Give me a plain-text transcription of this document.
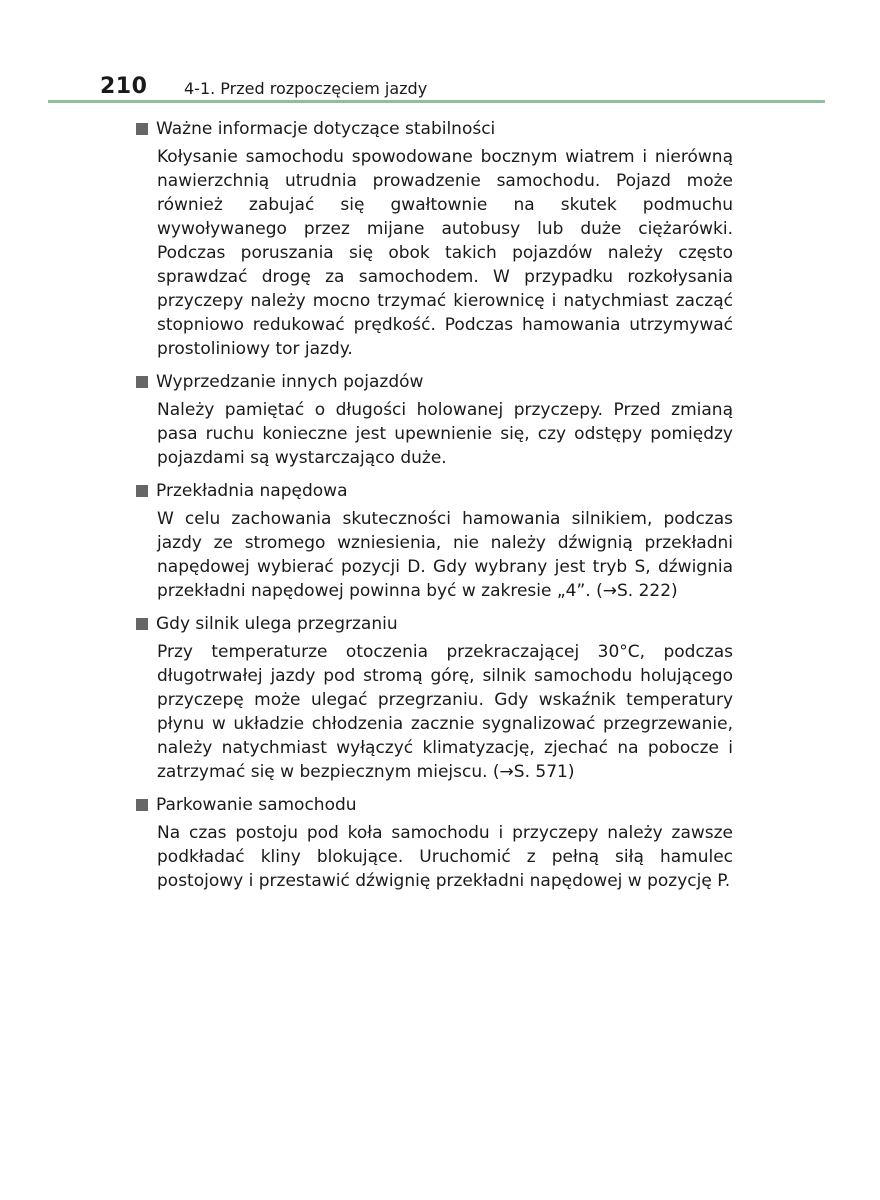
210 4-1. Przed rozpoczęciem jazdy
Ważne informacje dotyczące stabilności
Kołysanie samochodu spowodowane bocznym wiatrem i nierówną nawierzchnią utrudnia prowadzenie samochodu. Pojazd może również zabujać się gwałtownie na skutek podmuchu wywoływanego przez mijane autobusy lub duże ciężarówki. Podczas poruszania się obok takich pojazdów należy często sprawdzać drogę za samochodem. W przypadku rozkołysania przyczepy należy mocno trzymać kierownicę i natychmiast zacząć stopniowo redukować prędkość. Podczas hamowania utrzymywać prostoliniowy tor jazdy.
Wyprzedzanie innych pojazdów
Należy pamiętać o długości holowanej przyczepy. Przed zmianą pasa ruchu konieczne jest upewnienie się, czy odstępy pomiędzy pojazdami są wystarczająco duże.
Przekładnia napędowa
W celu zachowania skuteczności hamowania silnikiem, podczas jazdy ze stromego wzniesienia, nie należy dźwignią przekładni napędowej wybierać pozycji D. Gdy wybrany jest tryb S, dźwignia przekładni napędowej powinna być w zakresie „4”. (→S. 222)
Gdy silnik ulega przegrzaniu
Przy temperaturze otoczenia przekraczającej 30°C, podczas długotrwałej jazdy pod stromą górę, silnik samochodu holującego przyczepę może ulegać przegrzaniu. Gdy wskaźnik temperatury płynu w układzie chłodzenia zacznie sygnalizować przegrzewanie, należy natychmiast wyłączyć klimatyzację, zjechać na pobocze i zatrzymać się w bezpiecznym miejscu. (→S. 571)
Parkowanie samochodu
Na czas postoju pod koła samochodu i przyczepy należy zawsze podkładać kliny blokujące. Uruchomić z pełną siłą hamulec postojowy i przestawić dźwignię przekładni napędowej w pozycję P.
